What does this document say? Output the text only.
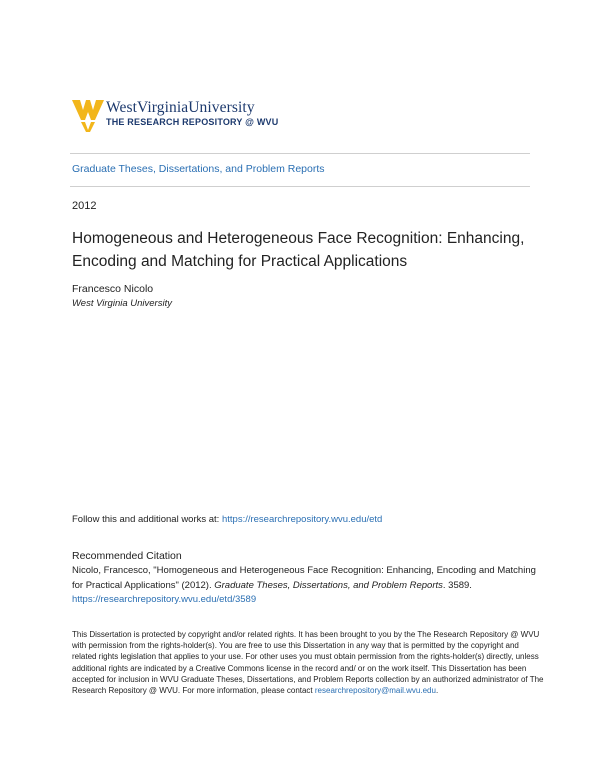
WestVirginiaUniversity
THE RESEARCH REPOSITORY @ WVU
Graduate Theses, Dissertations, and Problem Reports
2012
Homogeneous and Heterogeneous Face Recognition: Enhancing, Encoding and Matching for Practical Applications
Francesco Nicolo
West Virginia University
Follow this and additional works at: https://researchrepository.wvu.edu/etd
Recommended Citation
Nicolo, Francesco, "Homogeneous and Heterogeneous Face Recognition: Enhancing, Encoding and Matching for Practical Applications" (2012). Graduate Theses, Dissertations, and Problem Reports. 3589.
https://researchrepository.wvu.edu/etd/3589
This Dissertation is protected by copyright and/or related rights. It has been brought to you by the The Research Repository @ WVU with permission from the rights-holder(s). You are free to use this Dissertation in any way that is permitted by the copyright and related rights legislation that applies to your use. For other uses you must obtain permission from the rights-holder(s) directly, unless additional rights are indicated by a Creative Commons license in the record and/ or on the work itself. This Dissertation has been accepted for inclusion in WVU Graduate Theses, Dissertations, and Problem Reports collection by an authorized administrator of The Research Repository @ WVU. For more information, please contact researchrepository@mail.wvu.edu.
